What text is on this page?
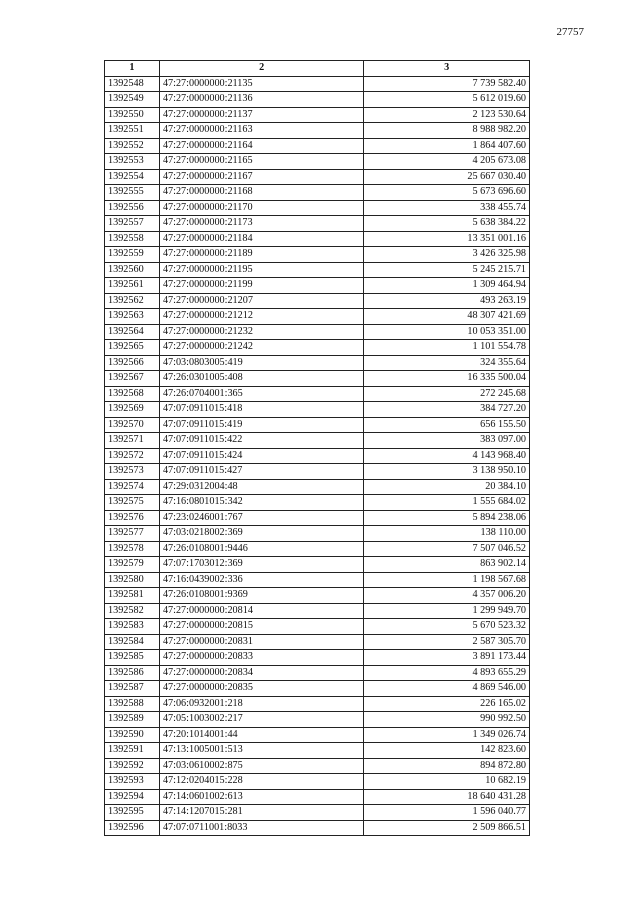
27757
1	2	3
1392548	47:27:0000000:21135	7 739 582.40
1392549	47:27:0000000:21136	5 612 019.60
1392550	47:27:0000000:21137	2 123 530.64
1392551	47:27:0000000:21163	8 988 982.20
1392552	47:27:0000000:21164	1 864 407.60
1392553	47:27:0000000:21165	4 205 673.08
1392554	47:27:0000000:21167	25 667 030.40
1392555	47:27:0000000:21168	5 673 696.60
1392556	47:27:0000000:21170	338 455.74
1392557	47:27:0000000:21173	5 638 384.22
1392558	47:27:0000000:21184	13 351 001.16
1392559	47:27:0000000:21189	3 426 325.98
1392560	47:27:0000000:21195	5 245 215.71
1392561	47:27:0000000:21199	1 309 464.94
1392562	47:27:0000000:21207	493 263.19
1392563	47:27:0000000:21212	48 307 421.69
1392564	47:27:0000000:21232	10 053 351.00
1392565	47:27:0000000:21242	1 101 554.78
1392566	47:03:0803005:419	324 355.64
1392567	47:26:0301005:408	16 335 500.04
1392568	47:26:0704001:365	272 245.68
1392569	47:07:0911015:418	384 727.20
1392570	47:07:0911015:419	656 155.50
1392571	47:07:0911015:422	383 097.00
1392572	47:07:0911015:424	4 143 968.40
1392573	47:07:0911015:427	3 138 950.10
1392574	47:29:0312004:48	20 384.10
1392575	47:16:0801015:342	1 555 684.02
1392576	47:23:0246001:767	5 894 238.06
1392577	47:03:0218002:369	138 110.00
1392578	47:26:0108001:9446	7 507 046.52
1392579	47:07:1703012:369	863 902.14
1392580	47:16:0439002:336	1 198 567.68
1392581	47:26:0108001:9369	4 357 006.20
1392582	47:27:0000000:20814	1 299 949.70
1392583	47:27:0000000:20815	5 670 523.32
1392584	47:27:0000000:20831	2 587 305.70
1392585	47:27:0000000:20833	3 891 173.44
1392586	47:27:0000000:20834	4 893 655.29
1392587	47:27:0000000:20835	4 869 546.00
1392588	47:06:0932001:218	226 165.02
1392589	47:05:1003002:217	990 992.50
1392590	47:20:1014001:44	1 349 026.74
1392591	47:13:1005001:513	142 823.60
1392592	47:03:0610002:875	894 872.80
1392593	47:12:0204015:228	10 682.19
1392594	47:14:0601002:613	18 640 431.28
1392595	47:14:1207015:281	1 596 040.77
1392596	47:07:0711001:8033	2 509 866.51
